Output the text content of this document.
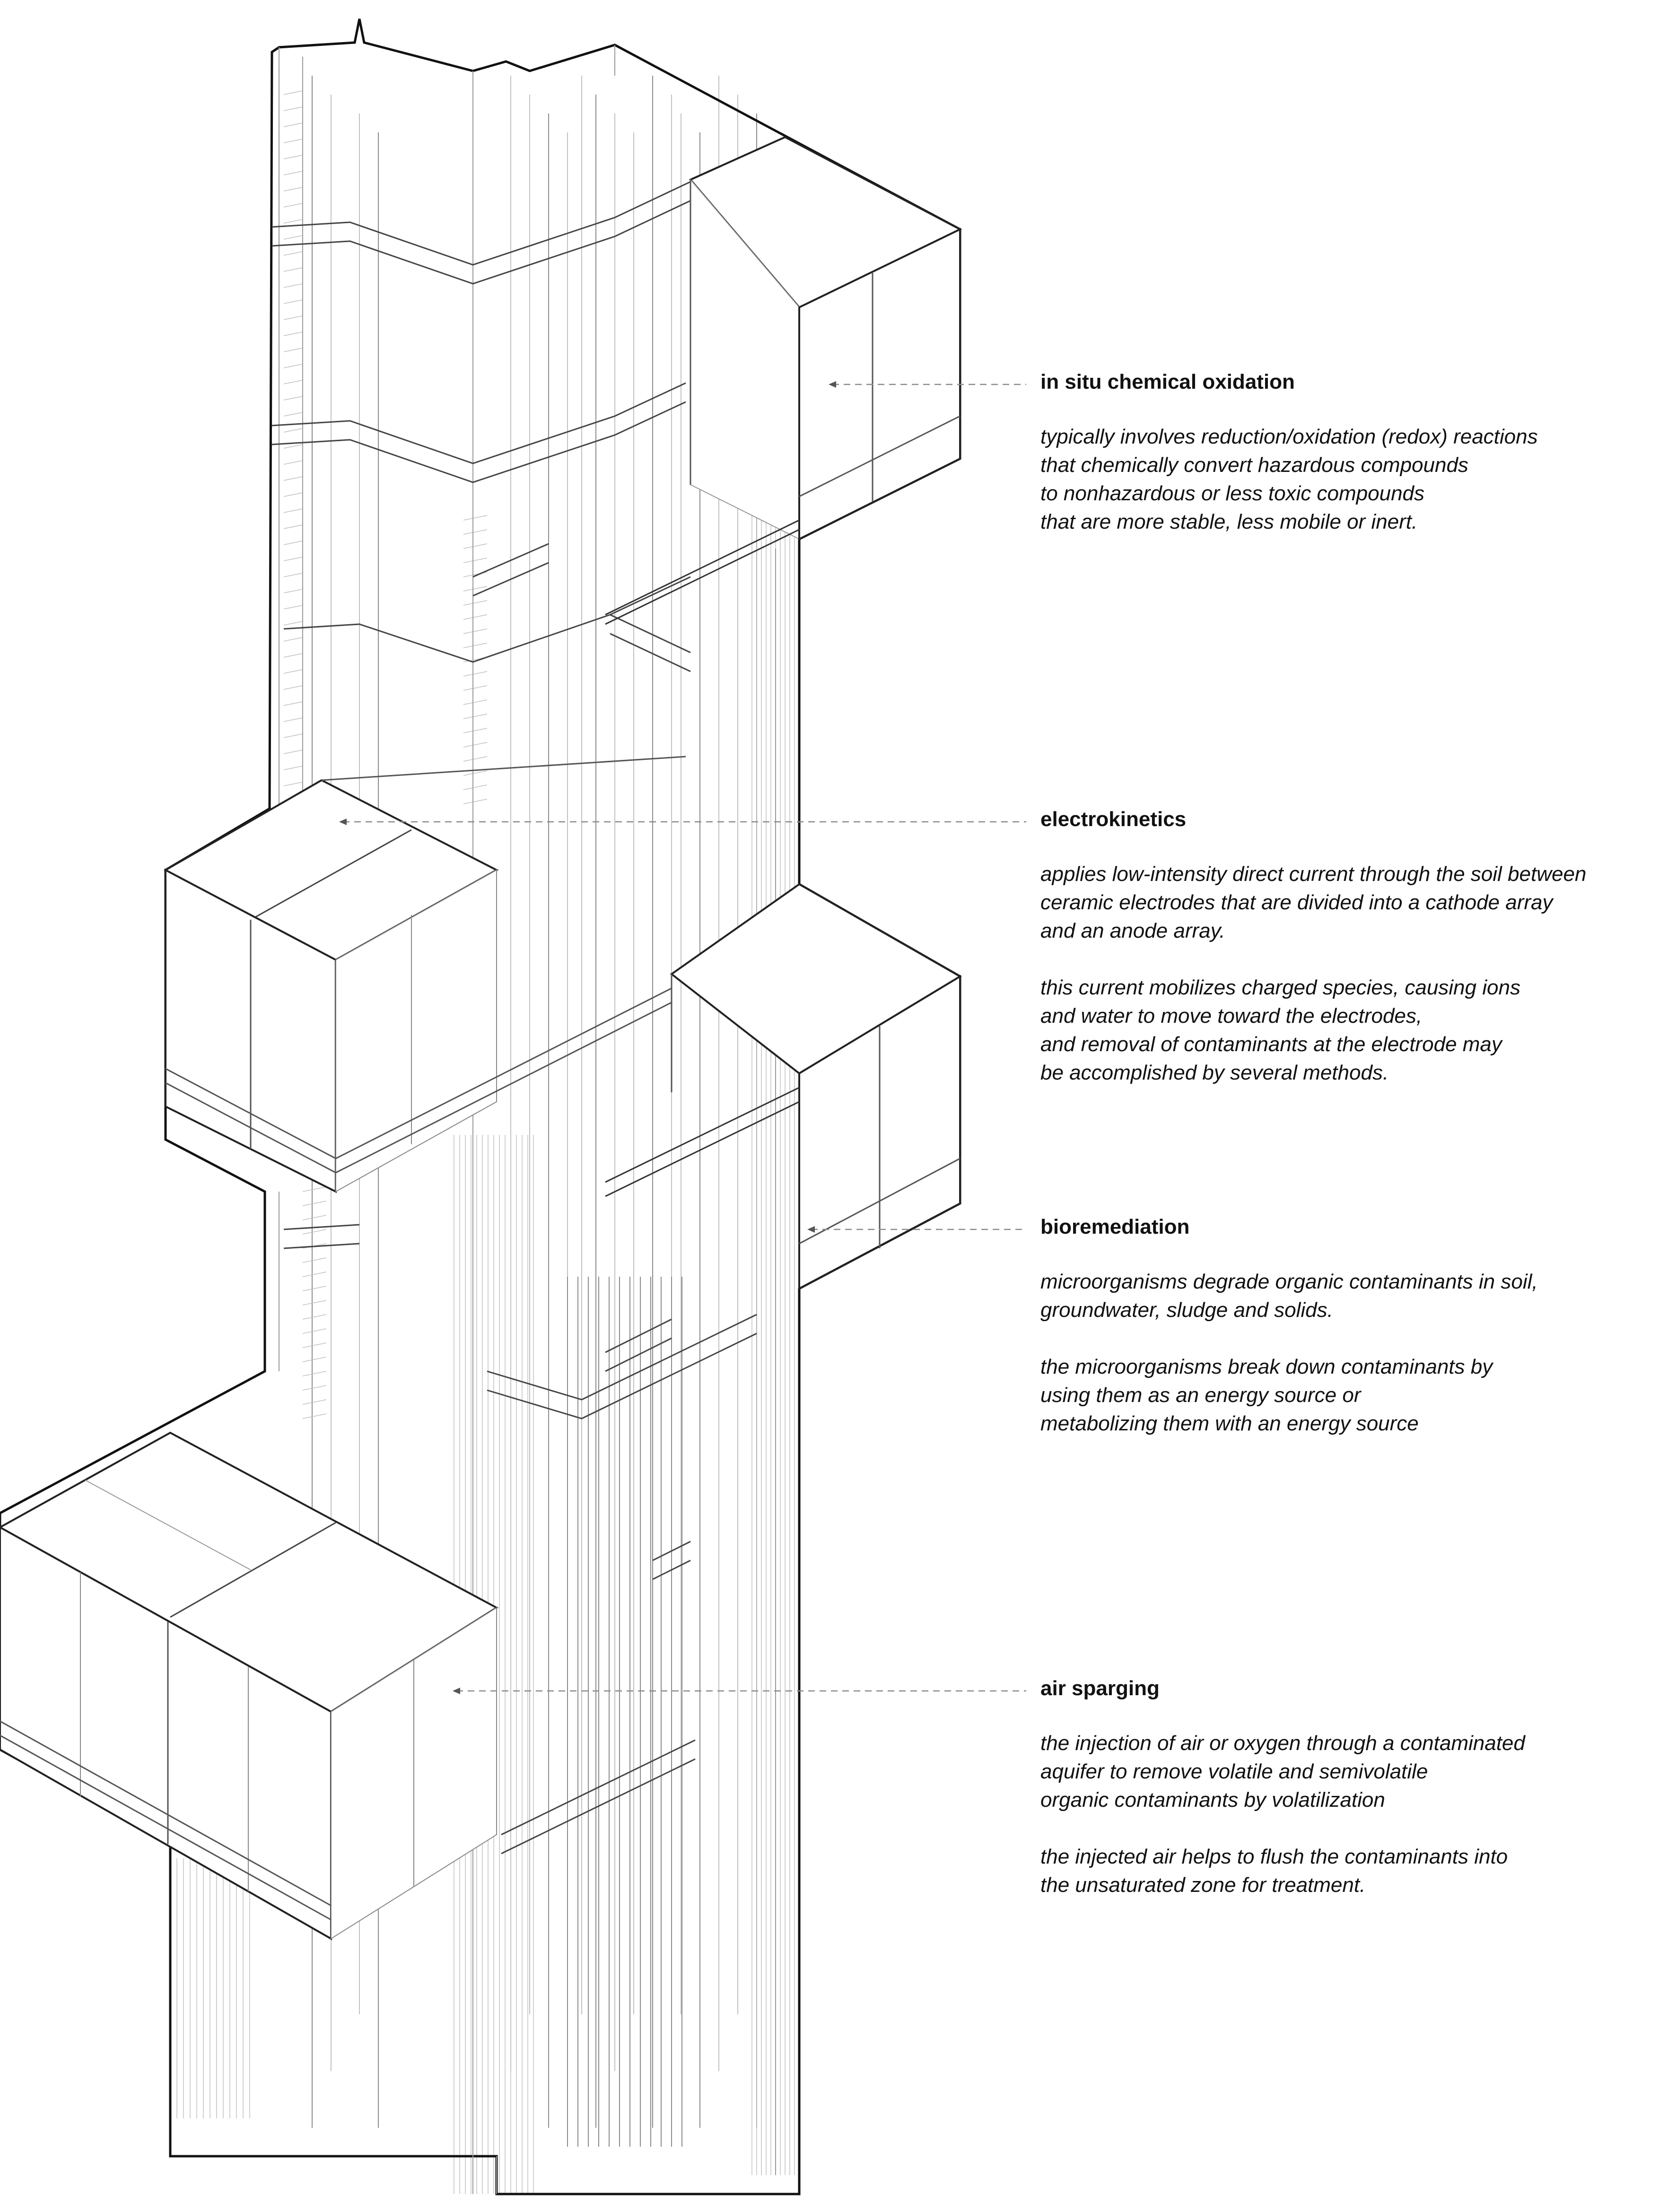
in situ chemical oxidation
typically involves reduction/oxidation (redox) reactions
that chemically convert hazardous compounds
to nonhazardous or less toxic compounds
that are more stable, less mobile or inert.
electrokinetics
applies low-intensity direct current through the soil between
ceramic electrodes that are divided into a cathode array
and an anode array.
this current mobilizes charged species, causing ions
and water to move toward the electrodes,
and removal of contaminants at the electrode may
be accomplished by several methods.
bioremediation
microorganisms degrade organic contaminants in soil,
groundwater, sludge and solids.
the microorganisms break down contaminants by
using them as an energy source or
metabolizing them with an energy source
air sparging
the injection of air or oxygen through a contaminated
aquifer to remove volatile and semivolatile
organic contaminants by volatilization
the injected air helps to flush the contaminants into
the unsaturated zone for treatment.
